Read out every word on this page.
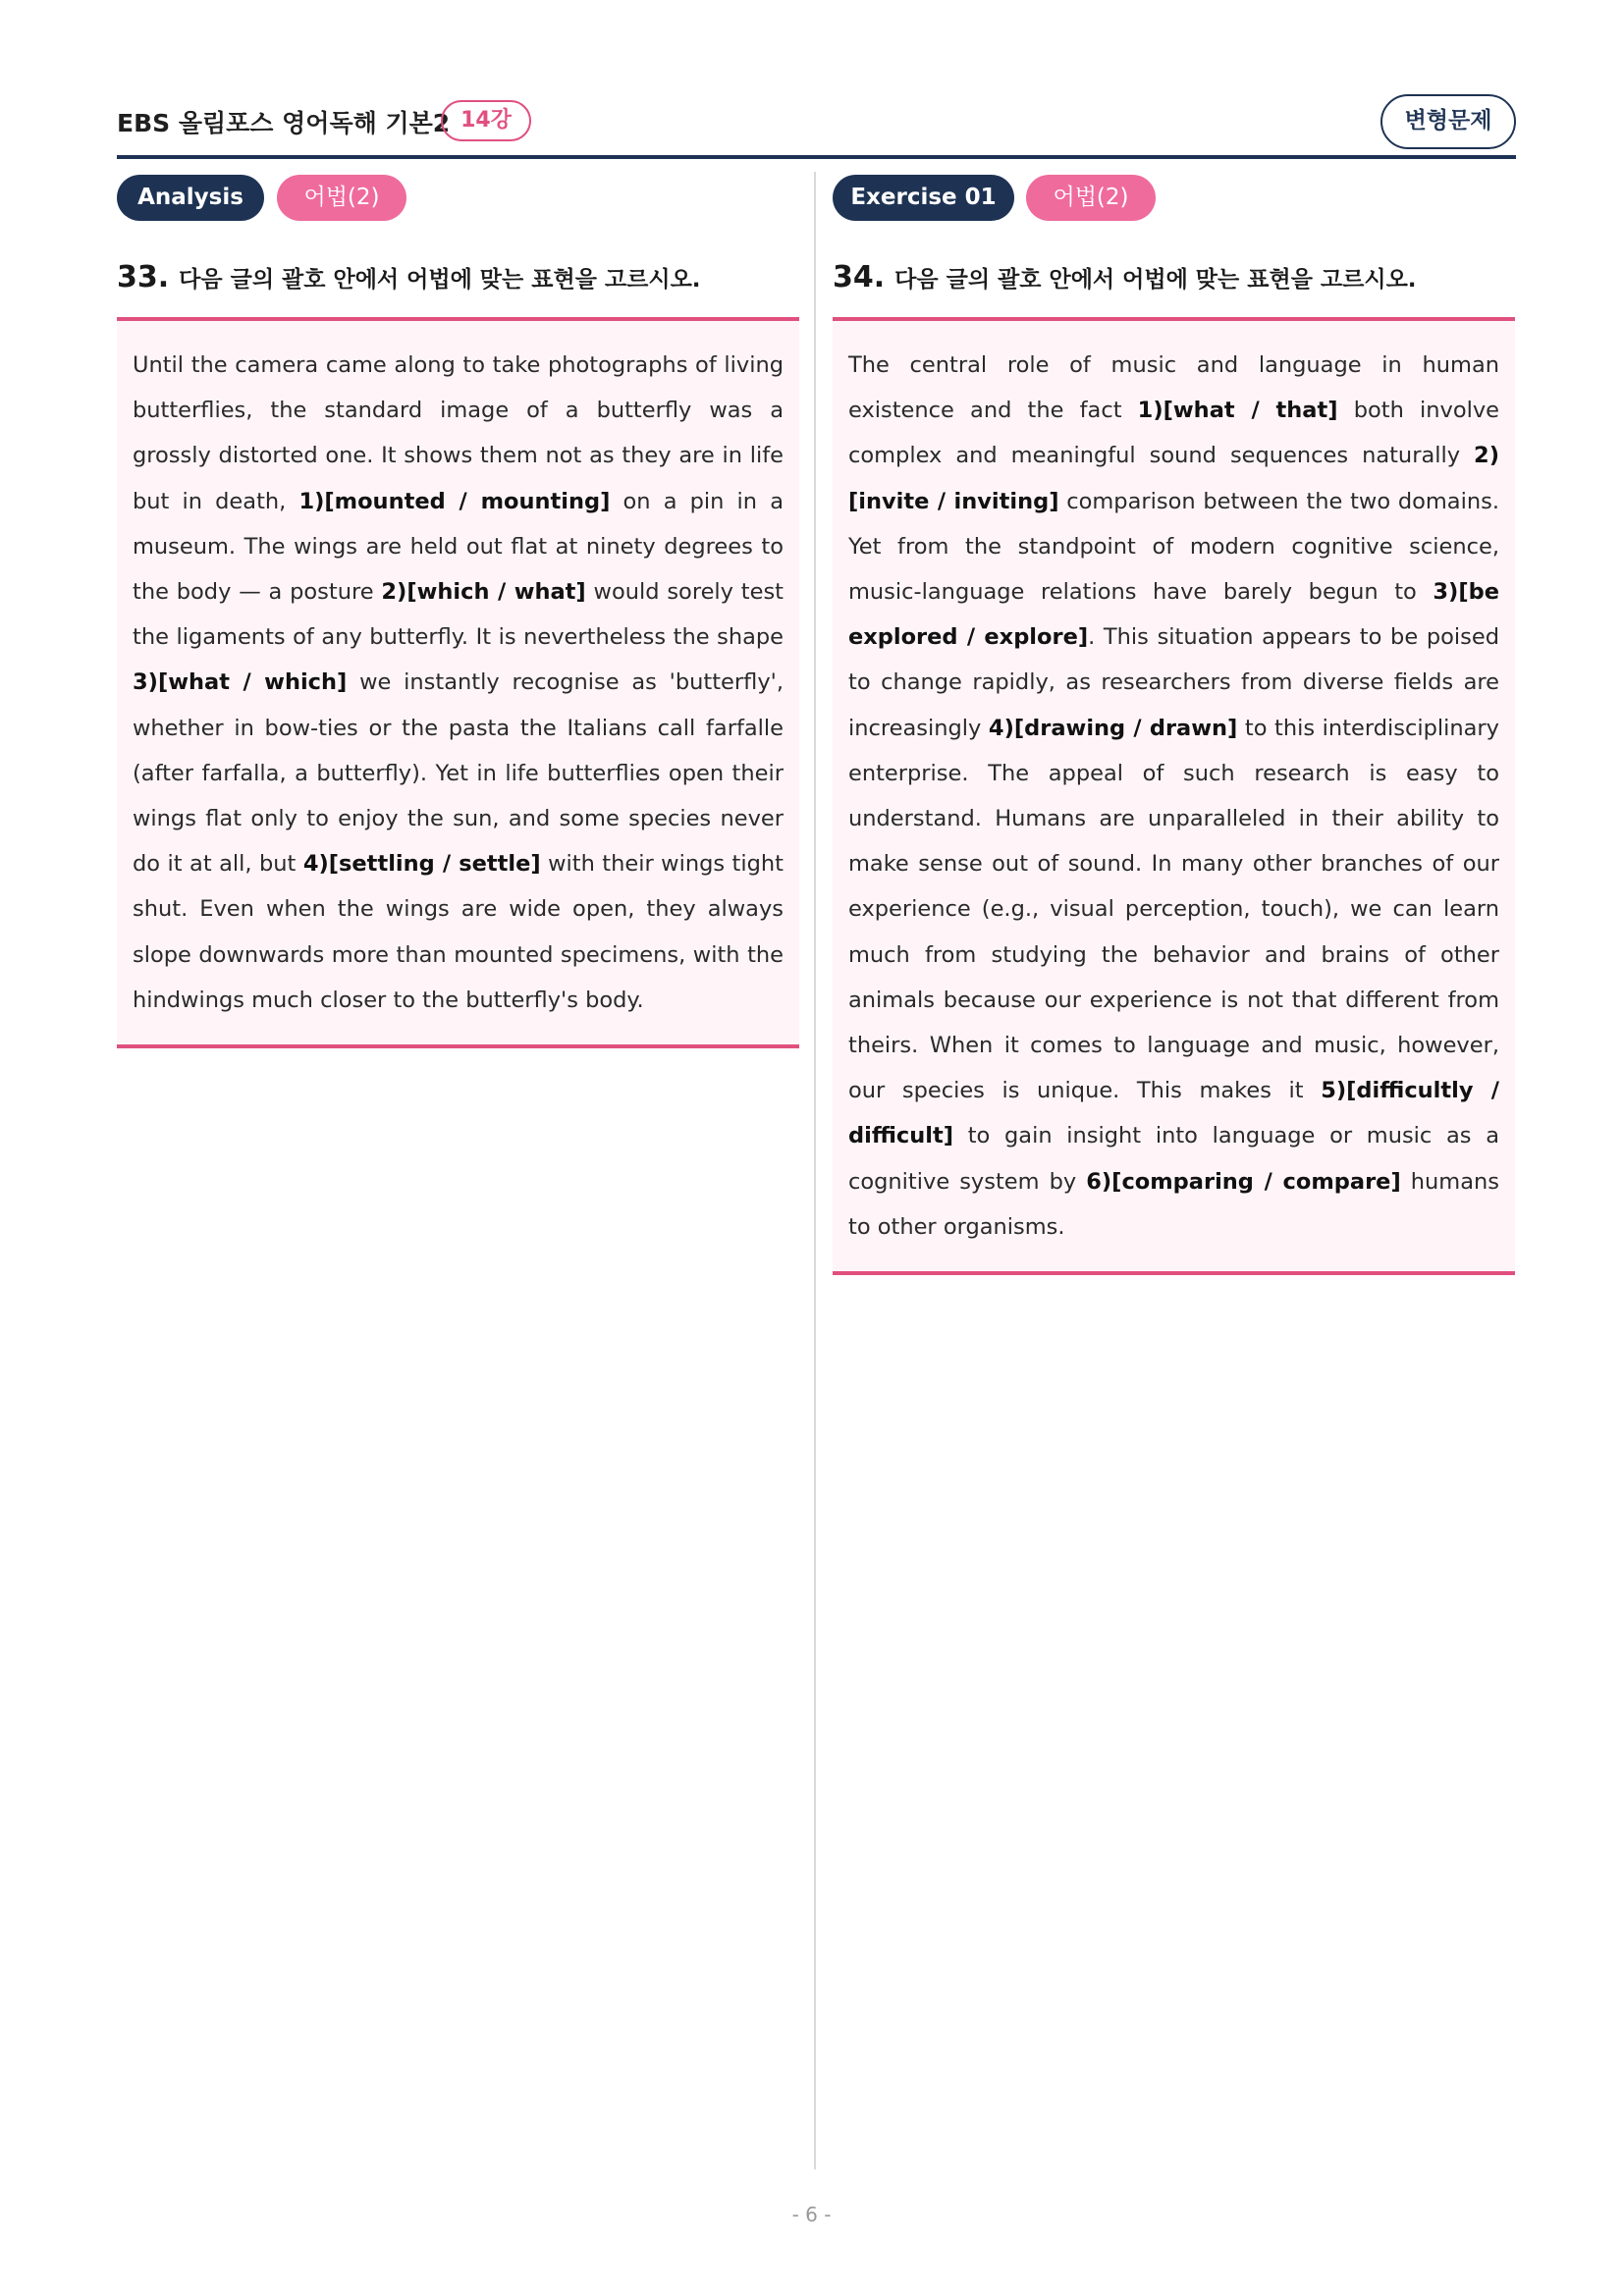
EBS 올림포스 영어독해 기본2 14강	변형문제
Analysis	어법(2)
33. 다음 글의 괄호 안에서 어법에 맞는 표현을 고르시오.

Until the camera came along to take photographs of living butterflies, the standard image of a butterfly was a grossly distorted one. It shows them not as they are in life but in death, 1)[mounted / mounting] on a pin in a museum. The wings are held out flat at ninety degrees to the body — a posture 2)[which / what] would sorely test the ligaments of any butterfly. It is nevertheless the shape 3)[what / which] we instantly recognise as 'butterfly', whether in bow-ties or the pasta the Italians call farfalle (after farfalla, a butterfly). Yet in life butterflies open their wings flat only to enjoy the sun, and some species never do it at all, but 4)[settling / settle] with their wings tight shut. Even when the wings are wide open, they always slope downwards more than mounted specimens, with the hindwings much closer to the butterfly's body.

Exercise 01	어법(2)
34. 다음 글의 괄호 안에서 어법에 맞는 표현을 고르시오.

The central role of music and language in human existence and the fact 1)[what / that] both involve complex and meaningful sound sequences naturally 2)[invite / inviting] comparison between the two domains. Yet from the standpoint of modern cognitive science, music-language relations have barely begun to 3)[be explored / explore]. This situation appears to be poised to change rapidly, as researchers from diverse fields are increasingly 4)[drawing / drawn] to this interdisciplinary enterprise. The appeal of such research is easy to understand. Humans are unparalleled in their ability to make sense out of sound. In many other branches of our experience (e.g., visual perception, touch), we can learn much from studying the behavior and brains of other animals because our experience is not that different from theirs. When it comes to language and music, however, our species is unique. This makes it 5)[difficultly / difficult] to gain insight into language or music as a cognitive system by 6)[comparing / compare] humans to other organisms.

- 6 -
